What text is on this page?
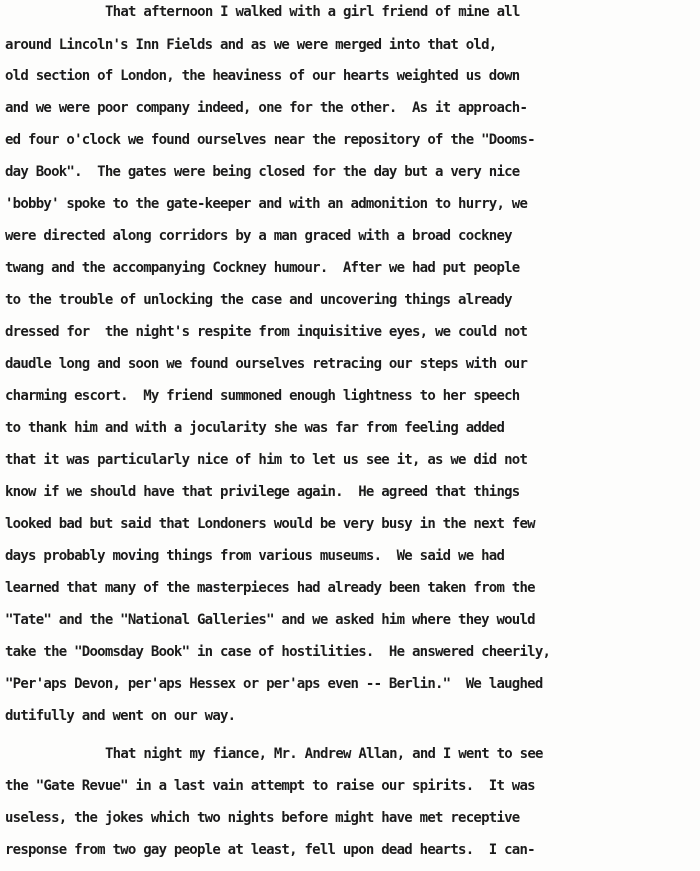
That afternoon I walked with a girl friend of mine all
around Lincoln's Inn Fields and as we were merged into that old,
old section of London, the heaviness of our hearts weighted us down
and we were poor company indeed, one for the other.  As it approach-
ed four o'clock we found ourselves near the repository of the "Dooms-
day Book".  The gates were being closed for the day but a very nice
'bobby' spoke to the gate-keeper and with an admonition to hurry, we
were directed along corridors by a man graced with a broad cockney
twang and the accompanying Cockney humour.  After we had put people
to the trouble of unlocking the case and uncovering things already
dressed for  the night's respite from inquisitive eyes, we could not
daudle long and soon we found ourselves retracing our steps with our
charming escort.  My friend summoned enough lightness to her speech
to thank him and with a jocularity she was far from feeling added
that it was particularly nice of him to let us see it, as we did not
know if we should have that privilege again.  He agreed that things
looked bad but said that Londoners would be very busy in the next few
days probably moving things from various museums.  We said we had
learned that many of the masterpieces had already been taken from the
"Tate" and the "National Galleries" and we asked him where they would
take the "Doomsday Book" in case of hostilities.  He answered cheerily,
"Per'aps Devon, per'aps Hessex or per'aps even -- Berlin."  We laughed
dutifully and went on our way.
That night my fiance, Mr. Andrew Allan, and I went to see
the "Gate Revue" in a last vain attempt to raise our spirits.  It was
useless, the jokes which two nights before might have met receptive
response from two gay people at least, fell upon dead hearts.  I can-
